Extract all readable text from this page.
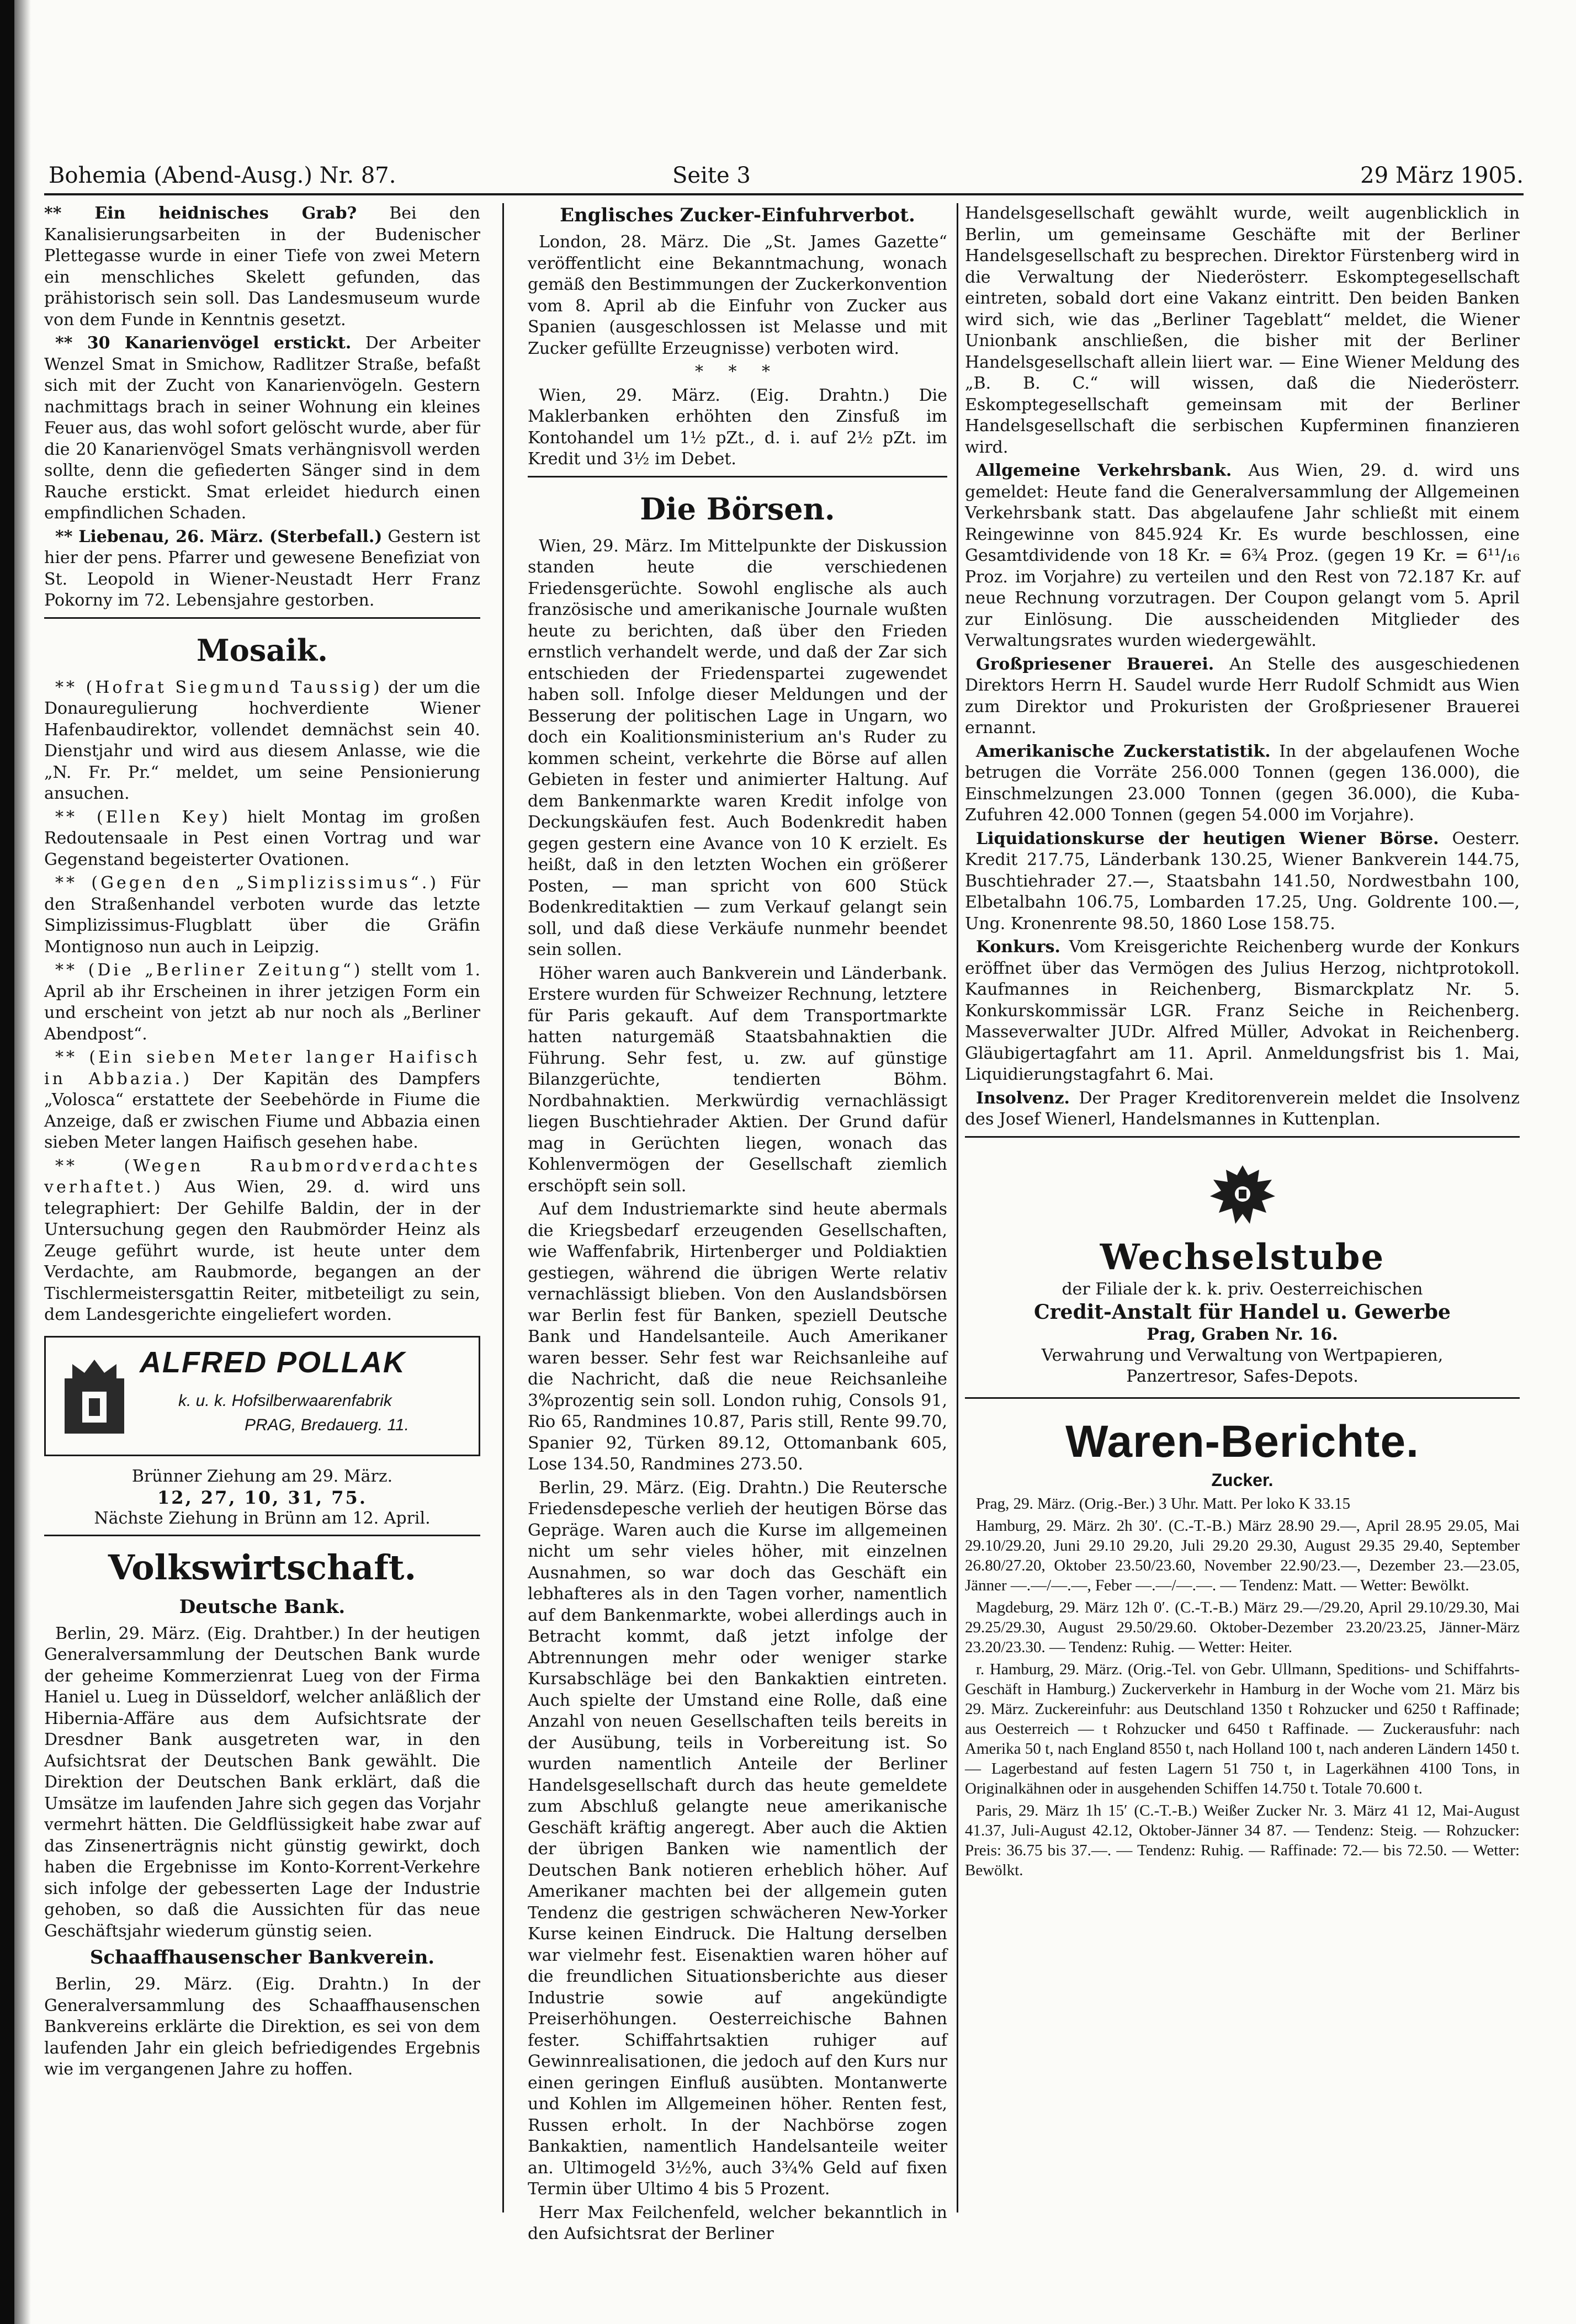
Bohemia (Abend-Ausg.) Nr. 87.	Seite 3	29 März 1905.

** Ein heidnisches Grab? Bei den Kanalisierungsarbeiten in der Budenischer Plettegasse wurde in einer Tiefe von zwei Metern ein menschliches Skelett gefunden, das prähistorisch sein soll. Das Landesmuseum wurde von dem Funde in Kenntnis gesetzt.

** 30 Kanarienvögel erstickt. Der Arbeiter Wenzel Smat in Smichow, Radlitzer Straße, befaßt sich mit der Zucht von Kanarienvögeln. Gestern nachmittags brach in seiner Wohnung ein kleines Feuer aus, das wohl sofort gelöscht wurde, aber für die 20 Kanarienvögel Smats verhängnisvoll werden sollte, denn die gefiederten Sänger sind in dem Rauche erstickt. Smat erleidet hiedurch einen empfindlichen Schaden.

** Liebenau, 26. März. (Sterbefall.) Gestern ist hier der pens. Pfarrer und gewesene Benefiziat von St. Leopold in Wiener-Neustadt Herr Franz Pokorny im 72. Lebensjahre gestorben.

Mosaik.

** (Hofrat Siegmund Taussig) der um die Donauregulierung hochverdiente Wiener Hafenbaudirektor, vollendet demnächst sein 40. Dienstjahr und wird aus diesem Anlasse, wie die „N. Fr. Pr.“ meldet, um seine Pensionierung ansuchen.

** (Ellen Key) hielt Montag im großen Redoutensaale in Pest einen Vortrag und war Gegenstand begeisterter Ovationen.

** (Gegen den „Simplizissimus“.) Für den Straßenhandel verboten wurde das letzte Simplizissimus-Flugblatt über die Gräfin Montignoso nun auch in Leipzig.

** (Die „Berliner Zeitung“) stellt vom 1. April ab ihr Erscheinen in ihrer jetzigen Form ein und erscheint von jetzt ab nur noch als „Berliner Abendpost“.

** (Ein sieben Meter langer Haifisch in Abbazia.) Der Kapitän des Dampfers „Volosca“ erstattete der Seebehörde in Fiume die Anzeige, daß er zwischen Fiume und Abbazia einen sieben Meter langen Haifisch gesehen habe.

** (Wegen Raubmordverdachtes verhaftet.) Aus Wien, 29. d. wird uns telegraphiert: Der Gehilfe Baldin, der in der Untersuchung gegen den Raubmörder Heinz als Zeuge geführt wurde, ist heute unter dem Verdachte, am Raubmorde, begangen an der Tischlermeistersgattin Reiter, mitbeteiligt zu sein, dem Landesgerichte eingeliefert worden.

ALFRED POLLAK
k. u. k. Hofsilberwaarenfabrik
PRAG, Bredauerg. 11.
Brünner Ziehung am 29. März.
12, 27, 10, 31, 75.
Nächste Ziehung in Brünn am 12. April.
Volkswirtschaft.
Deutsche Bank.

Berlin, 29. März. (Eig. Drahtber.) In der heutigen Generalversammlung der Deutschen Bank wurde der geheime Kommerzienrat Lueg von der Firma Haniel u. Lueg in Düsseldorf, welcher anläßlich der Hibernia-Affäre aus dem Aufsichtsrate der Dresdner Bank ausgetreten war, in den Aufsichtsrat der Deutschen Bank gewählt. Die Direktion der Deutschen Bank erklärt, daß die Umsätze im laufenden Jahre sich gegen das Vorjahr vermehrt hätten. Die Geldflüssigkeit habe zwar auf das Zinsenerträgnis nicht günstig gewirkt, doch haben die Ergebnisse im Konto-Korrent-Verkehre sich infolge der gebesserten Lage der Industrie gehoben, so daß die Aussichten für das neue Geschäftsjahr wiederum günstig seien.

Schaaffhausenscher Bankverein.

Berlin, 29. März. (Eig. Drahtn.) In der Generalversammlung des Schaaffhausenschen Bankvereins erklärte die Direktion, es sei von dem laufenden Jahr ein gleich befriedigendes Ergebnis wie im vergangenen Jahre zu hoffen.

Englisches Zucker-Einfuhrverbot.

London, 28. März. Die „St. James Gazette“ veröffentlicht eine Bekanntmachung, wonach gemäß den Bestimmungen der Zuckerkonvention vom 8. April ab die Einfuhr von Zucker aus Spanien (ausgeschlossen ist Melasse und mit Zucker gefüllte Erzeugnisse) verboten wird.

* * *

Wien, 29. März. (Eig. Drahtn.) Die Maklerbanken erhöhten den Zinsfuß im Kontohandel um 1½ pZt., d. i. auf 2½ pZt. im Kredit und 3½ im Debet.

Die Börsen.

Wien, 29. März. Im Mittelpunkte der Diskussion standen heute die verschiedenen Friedensgerüchte. Sowohl englische als auch französische und amerikanische Journale wußten heute zu berichten, daß über den Frieden ernstlich verhandelt werde, und daß der Zar sich entschieden der Friedenspartei zugewendet haben soll. Infolge dieser Meldungen und der Besserung der politischen Lage in Ungarn, wo doch ein Koalitionsministerium an's Ruder zu kommen scheint, verkehrte die Börse auf allen Gebieten in fester und animierter Haltung. Auf dem Bankenmarkte waren Kredit infolge von Deckungskäufen fest. Auch Bodenkredit haben gegen gestern eine Avance von 10 K erzielt. Es heißt, daß in den letzten Wochen ein größerer Posten, — man spricht von 600 Stück Bodenkreditaktien — zum Verkauf gelangt sein soll, und daß diese Verkäufe nunmehr beendet sein sollen.

Höher waren auch Bankverein und Länderbank. Erstere wurden für Schweizer Rechnung, letztere für Paris gekauft. Auf dem Transportmarkte hatten naturgemäß Staatsbahnaktien die Führung. Sehr fest, u. zw. auf günstige Bilanzgerüchte, tendierten Böhm. Nordbahnaktien. Merkwürdig vernachlässigt liegen Buschtiehrader Aktien. Der Grund dafür mag in Gerüchten liegen, wonach das Kohlenvermögen der Gesellschaft ziemlich erschöpft sein soll.

Auf dem Industriemarkte sind heute abermals die Kriegsbedarf erzeugenden Gesellschaften, wie Waffenfabrik, Hirtenberger und Poldiaktien gestiegen, während die übrigen Werte relativ vernachlässigt blieben. Von den Auslandsbörsen war Berlin fest für Banken, speziell Deutsche Bank und Handelsanteile. Auch Amerikaner waren besser. Sehr fest war Reichsanleihe auf die Nachricht, daß die neue Reichsanleihe 3%prozentig sein soll. London ruhig, Consols 91, Rio 65, Randmines 10.87, Paris still, Rente 99.70, Spanier 92, Türken 89.12, Ottomanbank 605, Lose 134.50, Randmines 273.50.

Berlin, 29. März. (Eig. Drahtn.) Die Reutersche Friedensdepesche verlieh der heutigen Börse das Gepräge. Waren auch die Kurse im allgemeinen nicht um sehr vieles höher, mit einzelnen Ausnahmen, so war doch das Geschäft ein lebhafteres als in den Tagen vorher, namentlich auf dem Bankenmarkte, wobei allerdings auch in Betracht kommt, daß jetzt infolge der Abtrennungen mehr oder weniger starke Kursabschläge bei den Bankaktien eintreten. Auch spielte der Umstand eine Rolle, daß eine Anzahl von neuen Gesellschaften teils bereits in der Ausübung, teils in Vorbereitung ist. So wurden namentlich Anteile der Berliner Handelsgesellschaft durch das heute gemeldete zum Abschluß gelangte neue amerikanische Geschäft kräftig angeregt. Aber auch die Aktien der übrigen Banken wie namentlich der Deutschen Bank notieren erheblich höher. Auf Amerikaner machten bei der allgemein guten Tendenz die gestrigen schwächeren New-Yorker Kurse keinen Eindruck. Die Haltung derselben war vielmehr fest. Eisenaktien waren höher auf die freundlichen Situationsberichte aus dieser Industrie sowie auf angekündigte Preiserhöhungen. Oesterreichische Bahnen fester. Schiffahrtsaktien ruhiger auf Gewinnrealisationen, die jedoch auf den Kurs nur einen geringen Einfluß ausübten. Montanwerte und Kohlen im Allgemeinen höher. Renten fest, Russen erholt. In der Nachbörse zogen Bankaktien, namentlich Handelsanteile weiter an. Ultimogeld 3½%, auch 3¾% Geld auf fixen Termin über Ultimo 4 bis 5 Prozent.

Herr Max Feilchenfeld, welcher bekanntlich in den Aufsichtsrat der Berliner

Handelsgesellschaft gewählt wurde, weilt augenblicklich in Berlin, um gemeinsame Geschäfte mit der Berliner Handelsgesellschaft zu besprechen. Direktor Fürstenberg wird in die Verwaltung der Niederösterr. Eskomptegesellschaft eintreten, sobald dort eine Vakanz eintritt. Den beiden Banken wird sich, wie das „Berliner Tageblatt“ meldet, die Wiener Unionbank anschließen, die bisher mit der Berliner Handelsgesellschaft allein liiert war. — Eine Wiener Meldung des „B. B. C.“ will wissen, daß die Niederösterr. Eskomptegesellschaft gemeinsam mit der Berliner Handelsgesellschaft die serbischen Kupferminen finanzieren wird.

Allgemeine Verkehrsbank. Aus Wien, 29. d. wird uns gemeldet: Heute fand die Generalversammlung der Allgemeinen Verkehrsbank statt. Das abgelaufene Jahr schließt mit einem Reingewinne von 845.924 Kr. Es wurde beschlossen, eine Gesamtdividende von 18 Kr. = 6¾ Proz. (gegen 19 Kr. = 6¹¹/₁₆ Proz. im Vorjahre) zu verteilen und den Rest von 72.187 Kr. auf neue Rechnung vorzutragen. Der Coupon gelangt vom 5. April zur Einlösung. Die ausscheidenden Mitglieder des Verwaltungsrates wurden wiedergewählt.

Großpriesener Brauerei. An Stelle des ausgeschiedenen Direktors Herrn H. Saudel wurde Herr Rudolf Schmidt aus Wien zum Direktor und Prokuristen der Großpriesener Brauerei ernannt.

Amerikanische Zuckerstatistik. In der abgelaufenen Woche betrugen die Vorräte 256.000 Tonnen (gegen 136.000), die Einschmelzungen 23.000 Tonnen (gegen 36.000), die Kuba-Zufuhren 42.000 Tonnen (gegen 54.000 im Vorjahre).

Liquidationskurse der heutigen Wiener Börse. Oesterr. Kredit 217.75, Länderbank 130.25, Wiener Bankverein 144.75, Buschtiehrader 27.—, Staatsbahn 141.50, Nordwestbahn 100, Elbetalbahn 106.75, Lombarden 17.25, Ung. Goldrente 100.—, Ung. Kronenrente 98.50, 1860 Lose 158.75.

Konkurs. Vom Kreisgerichte Reichenberg wurde der Konkurs eröffnet über das Vermögen des Julius Herzog, nichtprotokoll. Kaufmannes in Reichenberg, Bismarckplatz Nr. 5. Konkurskommissär LGR. Franz Seiche in Reichenberg. Masseverwalter JUDr. Alfred Müller, Advokat in Reichenberg. Gläubigertagfahrt am 11. April. Anmeldungsfrist bis 1. Mai, Liquidierungstagfahrt 6. Mai.

Insolvenz. Der Prager Kreditorenverein meldet die Insolvenz des Josef Wienerl, Handelsmannes in Kuttenplan.

Wechselstube
der Filiale der k. k. priv. Oesterreichischen
Credit-Anstalt für Handel u. Gewerbe
Prag, Graben Nr. 16.
Verwahrung und Verwaltung von Wertpapieren,
Panzertresor, Safes-Depots.
Waren-Berichte.
Zucker.

Prag, 29. März. (Orig.-Ber.) 3 Uhr. Matt. Per loko K 33.15

Hamburg, 29. März. 2h 30′. (C.-T.-B.) März 28.90 29.—, April 28.95 29.05, Mai 29.10/29.20, Juni 29.10 29.20, Juli 29.20 29.30, August 29.35 29.40, September 26.80/27.20, Oktober 23.50/23.60, November 22.90/23.—, Dezember 23.—23.05, Jänner —.—/—.—, Feber —.—/—.—. — Tendenz: Matt. — Wetter: Bewölkt.

Magdeburg, 29. März 12h 0′. (C.-T.-B.) März 29.—/29.20, April 29.10/29.30, Mai 29.25/29.30, August 29.50/29.60. Oktober-Dezember 23.20/23.25, Jänner-März 23.20/23.30. — Tendenz: Ruhig. — Wetter: Heiter.

r. Hamburg, 29. März. (Orig.-Tel. von Gebr. Ullmann, Speditions- und Schiffahrts-Geschäft in Hamburg.) Zuckerverkehr in Hamburg in der Woche vom 21. März bis 29. März. Zuckereinfuhr: aus Deutschland 1350 t Rohzucker und 6250 t Raffinade; aus Oesterreich — t Rohzucker und 6450 t Raffinade. — Zuckerausfuhr: nach Amerika 50 t, nach England 8550 t, nach Holland 100 t, nach anderen Ländern 1450 t. — Lagerbestand auf festen Lagern 51 750 t, in Lagerkähnen 4100 Tons, in Originalkähnen oder in ausgehenden Schiffen 14.750 t. Totale 70.600 t.

Paris, 29. März 1h 15′ (C.-T.-B.) Weißer Zucker Nr. 3. März 41 12, Mai-August 41.37, Juli-August 42.12, Oktober-Jänner 34 87. — Tendenz: Steig. — Rohzucker: Preis: 36.75 bis 37.—. — Tendenz: Ruhig. — Raffinade: 72.— bis 72.50. — Wetter: Bewölkt.
